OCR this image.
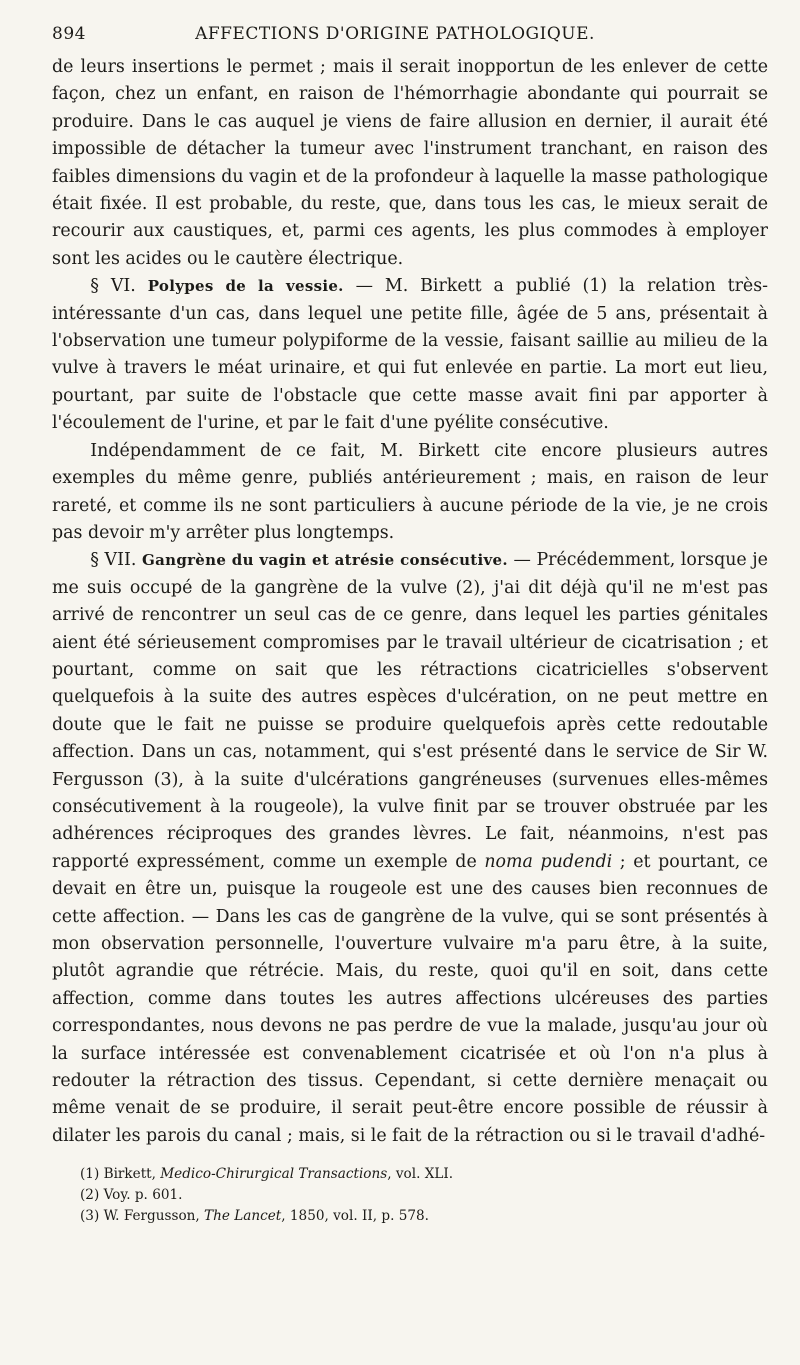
894	AFFECTIONS D'ORIGINE PATHOLOGIQUE.

de leurs insertions le permet ; mais il serait inopportun de les enlever de cette façon, chez un enfant, en raison de l'hémorrhagie abondante qui pourrait se produire. Dans le cas auquel je viens de faire allusion en dernier, il aurait été impossible de détacher la tumeur avec l'instrument tranchant, en raison des faibles dimensions du vagin et de la profondeur à laquelle la masse pathologique était fixée. Il est probable, du reste, que, dans tous les cas, le mieux serait de recourir aux caustiques, et, parmi ces agents, les plus commodes à employer sont les acides ou le cautère électrique.

§ VI. Polypes de la vessie. — M. Birkett a publié (1) la relation très-intéressante d'un cas, dans lequel une petite fille, âgée de 5 ans, présentait à l'observation une tumeur polypiforme de la vessie, faisant saillie au milieu de la vulve à travers le méat urinaire, et qui fut enlevée en partie. La mort eut lieu, pourtant, par suite de l'obstacle que cette masse avait fini par apporter à l'écoulement de l'urine, et par le fait d'une pyélite consécutive.

Indépendamment de ce fait, M. Birkett cite encore plusieurs autres exemples du même genre, publiés antérieurement ; mais, en raison de leur rareté, et comme ils ne sont particuliers à aucune période de la vie, je ne crois pas devoir m'y arrêter plus longtemps.

§ VII. Gangrène du vagin et atrésie consécutive. — Précédemment, lorsque je me suis occupé de la gangrène de la vulve (2), j'ai dit déjà qu'il ne m'est pas arrivé de rencontrer un seul cas de ce genre, dans lequel les parties génitales aient été sérieusement compromises par le travail ultérieur de cicatrisation ; et pourtant, comme on sait que les rétractions cicatricielles s'observent quelquefois à la suite des autres espèces d'ulcération, on ne peut mettre en doute que le fait ne puisse se produire quelquefois après cette redoutable affection. Dans un cas, notamment, qui s'est présenté dans le service de Sir W. Fergusson (3), à la suite d'ulcérations gangréneuses (survenues elles-mêmes consécutivement à la rougeole), la vulve finit par se trouver obstruée par les adhérences réciproques des grandes lèvres. Le fait, néanmoins, n'est pas rapporté expressément, comme un exemple de noma pudendi ; et pourtant, ce devait en être un, puisque la rougeole est une des causes bien reconnues de cette affection. — Dans les cas de gangrène de la vulve, qui se sont présentés à mon observation personnelle, l'ouverture vulvaire m'a paru être, à la suite, plutôt agrandie que rétrécie. Mais, du reste, quoi qu'il en soit, dans cette affection, comme dans toutes les autres affections ulcéreuses des parties correspondantes, nous devons ne pas perdre de vue la malade, jusqu'au jour où la surface intéressée est convenablement cicatrisée et où l'on n'a plus à redouter la rétraction des tissus. Cependant, si cette dernière menaçait ou même venait de se produire, il serait peut-être encore possible de réussir à dilater les parois du canal ; mais, si le fait de la rétraction ou si le travail d'adhé-

(1) Birkett, Medico-Chirurgical Transactions, vol. XLI.
(2) Voy. p. 601.
(3) W. Fergusson, The Lancet, 1850, vol. II, p. 578.
